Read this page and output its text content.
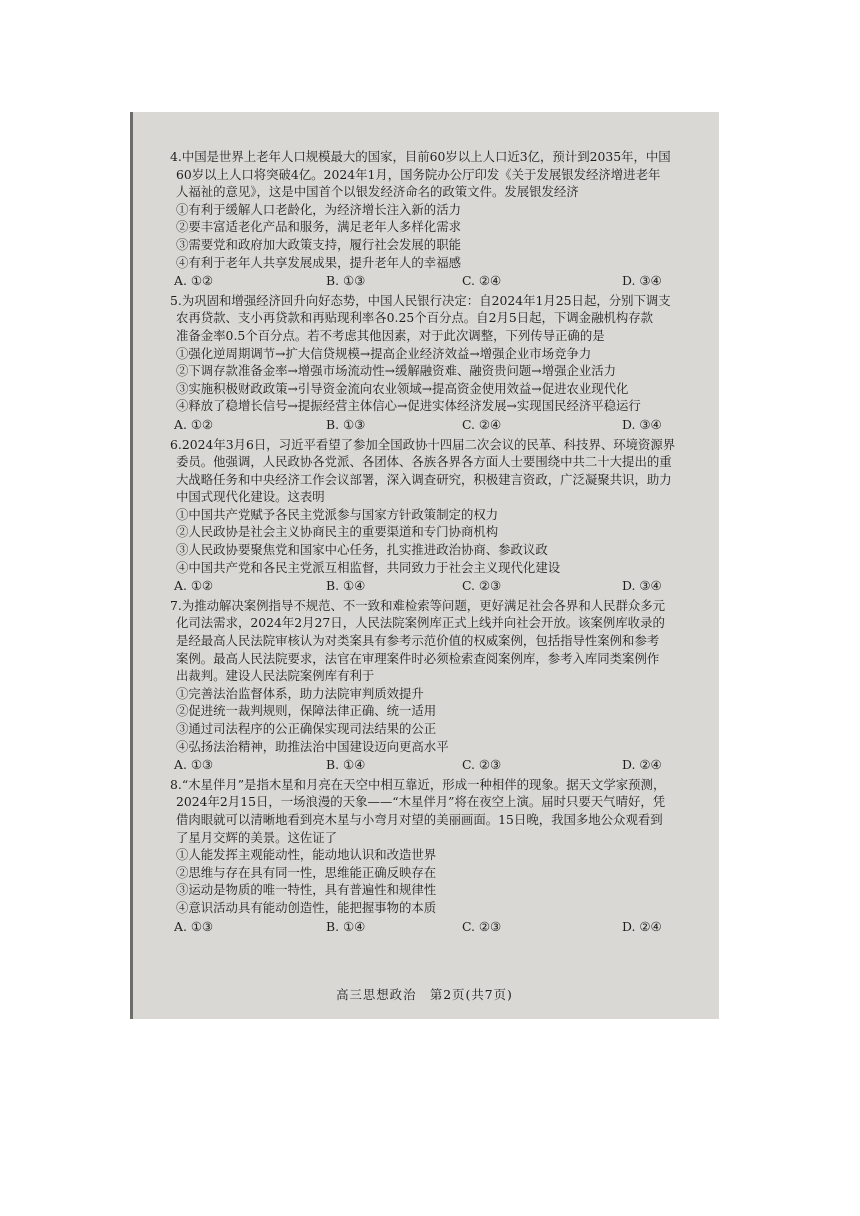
4.中国是世界上老年人口规模最大的国家，目前60岁以上人口近3亿，预计到2035年，中国
60岁以上人口将突破4亿。2024年1月，国务院办公厅印发《关于发展银发经济增进老年
人福祉的意见》，这是中国首个以银发经济命名的政策文件。发展银发经济
①有利于缓解人口老龄化，为经济增长注入新的活力
②要丰富适老化产品和服务，满足老年人多样化需求
③需要党和政府加大政策支持，履行社会发展的职能
④有利于老年人共享发展成果，提升老年人的幸福感
A. ①②	B. ①③	C. ②④	D. ③④
5.为巩固和增强经济回升向好态势，中国人民银行决定：自2024年1月25日起，分别下调支
农再贷款、支小再贷款和再贴现利率各0.25个百分点。自2月5日起，下调金融机构存款
准备金率0.5个百分点。若不考虑其他因素，对于此次调整，下列传导正确的是
①强化逆周期调节→扩大信贷规模→提高企业经济效益→增强企业市场竞争力
②下调存款准备金率→增强市场流动性→缓解融资难、融资贵问题→增强企业活力
③实施积极财政政策→引导资金流向农业领域→提高资金使用效益→促进农业现代化
④释放了稳增长信号→提振经营主体信心→促进实体经济发展→实现国民经济平稳运行
A. ①②	B. ①③	C. ②④	D. ③④
6.2024年3月6日，习近平看望了参加全国政协十四届二次会议的民革、科技界、环境资源界
委员。他强调，人民政协各党派、各团体、各族各界各方面人士要围绕中共二十大提出的重
大战略任务和中央经济工作会议部署，深入调查研究，积极建言资政，广泛凝聚共识，助力
中国式现代化建设。这表明
①中国共产党赋予各民主党派参与国家方针政策制定的权力
②人民政协是社会主义协商民主的重要渠道和专门协商机构
③人民政协要聚焦党和国家中心任务，扎实推进政治协商、参政议政
④中国共产党和各民主党派互相监督，共同致力于社会主义现代化建设
A. ①②	B. ①④	C. ②③	D. ③④
7.为推动解决案例指导不规范、不一致和难检索等问题，更好满足社会各界和人民群众多元
化司法需求，2024年2月27日，人民法院案例库正式上线并向社会开放。该案例库收录的
是经最高人民法院审核认为对类案具有参考示范价值的权威案例，包括指导性案例和参考
案例。最高人民法院要求，法官在审理案件时必须检索查阅案例库，参考入库同类案例作
出裁判。建设人民法院案例库有利于
①完善法治监督体系，助力法院审判质效提升
②促进统一裁判规则，保障法律正确、统一适用
③通过司法程序的公正确保实现司法结果的公正
④弘扬法治精神，助推法治中国建设迈向更高水平
A. ①③	B. ①④	C. ②③	D. ②④
8.“木星伴月”是指木星和月亮在天空中相互靠近，形成一种相伴的现象。据天文学家预测，
2024年2月15日，一场浪漫的天象——“木星伴月”将在夜空上演。届时只要天气晴好，凭
借肉眼就可以清晰地看到亮木星与小弯月对望的美丽画面。15日晚，我国多地公众观看到
了星月交辉的美景。这佐证了
①人能发挥主观能动性，能动地认识和改造世界
②思维与存在具有同一性，思维能正确反映存在
③运动是物质的唯一特性，具有普遍性和规律性
④意识活动具有能动创造性，能把握事物的本质
A. ①③	B. ①④	C. ②③	D. ②④
高三思想政治　第2页(共7页)
